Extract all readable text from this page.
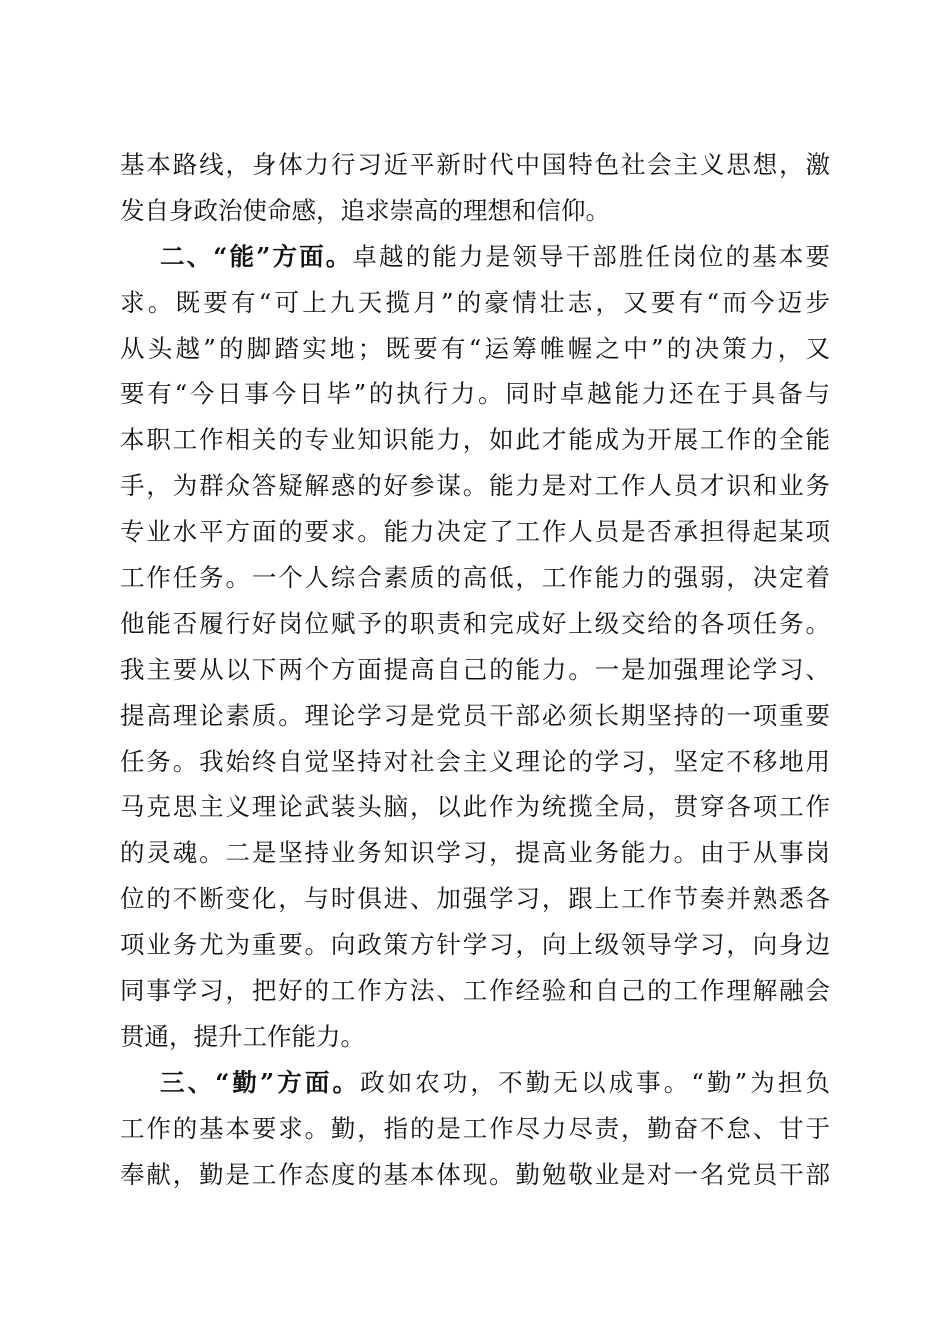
基本路线，身体力行习近平新时代中国特色社会主义思想，激
发自身政治使命感，追求崇高的理想和信仰。
二、“能”方面。卓越的能力是领导干部胜任岗位的基本要
求。既要有“可上九天揽月”的豪情壮志，又要有“而今迈步
从头越”的脚踏实地；既要有“运筹帷幄之中”的决策力，又
要有“今日事今日毕”的执行力。同时卓越能力还在于具备与
本职工作相关的专业知识能力，如此才能成为开展工作的全能
手，为群众答疑解惑的好参谋。能力是对工作人员才识和业务
专业水平方面的要求。能力决定了工作人员是否承担得起某项
工作任务。一个人综合素质的高低，工作能力的强弱，决定着
他能否履行好岗位赋予的职责和完成好上级交给的各项任务。
我主要从以下两个方面提高自己的能力。一是加强理论学习、
提高理论素质。理论学习是党员干部必须长期坚持的一项重要
任务。我始终自觉坚持对社会主义理论的学习，坚定不移地用
马克思主义理论武装头脑，以此作为统揽全局，贯穿各项工作
的灵魂。二是坚持业务知识学习，提高业务能力。由于从事岗
位的不断变化，与时俱进、加强学习，跟上工作节奏并熟悉各
项业务尤为重要。向政策方针学习，向上级领导学习，向身边
同事学习，把好的工作方法、工作经验和自己的工作理解融会
贯通，提升工作能力。
三、“勤”方面。政如农功，不勤无以成事。“勤”为担负
工作的基本要求。勤，指的是工作尽力尽责，勤奋不怠、甘于
奉献，勤是工作态度的基本体现。勤勉敬业是对一名党员干部
